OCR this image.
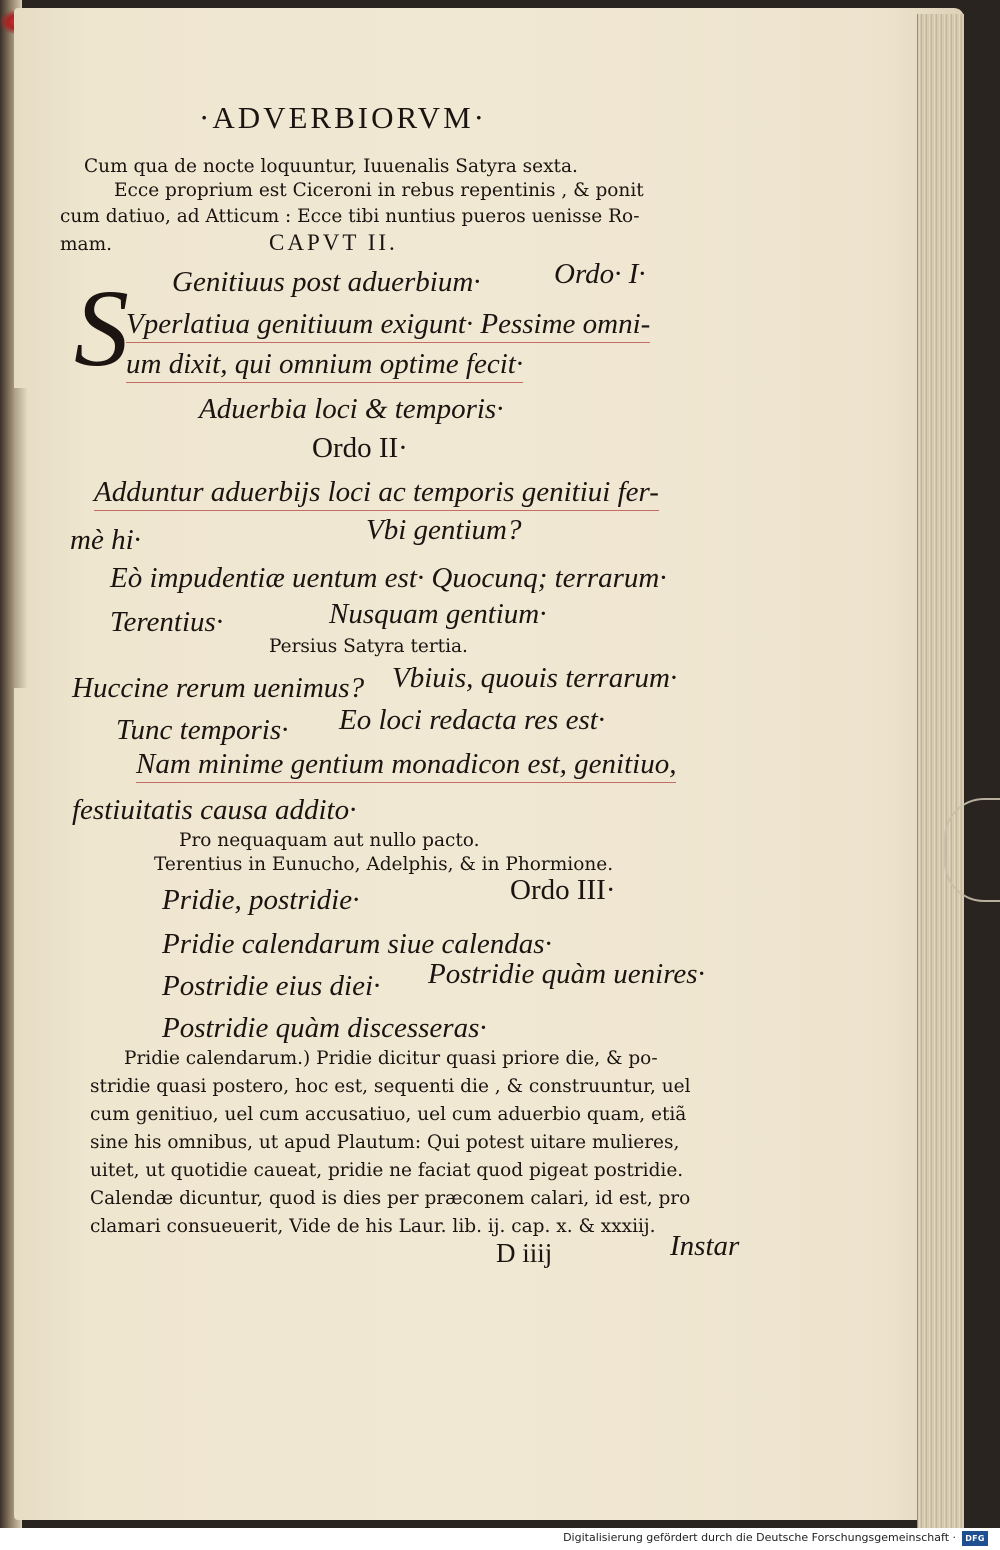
·ADVERBIORVM·
Cum qua de nocte loquuntur, Iuuenalis Satyra sexta.
Ecce proprium est Ciceroni in rebus repentinis , & ponit
cum datiuo, ad Atticum : Ecce tibi nuntius pueros uenisse Ro-
mam.	CAPVT II.
S Genitiuus post aduerbium·	Ordo· I·
Vperlatiua genitiuum exigunt· Pessime omni-
um dixit, qui omnium optime fecit·
Aduerbia loci & temporis·
Ordo II·
Adduntur aduerbijs loci ac temporis genitiui fer-
mè hi·	Vbi gentium?
Eò impudentiæ uentum est· Quocunq; terrarum·
Terentius·	Nusquam gentium·
Persius Satyra tertia.
Huccine rerum uenimus? Vbiuis, quouis terrarum·
Tunc temporis· Eo loci redacta res est·
Nam minime gentium monadicon est, genitiuo,
festiuitatis causa addito·
Pro nequaquam aut nullo pacto.
Terentius in Eunucho, Adelphis, & in Phormione.
Pridie, postridie·	Ordo III·
Pridie calendarum siue calendas·
Postridie eius diei· Postridie quàm uenires·
Postridie quàm discesseras·
Pridie calendarum.) Pridie dicitur quasi priore die, & po-
stridie quasi postero, hoc est, sequenti die , & construuntur, uel
cum genitiuo, uel cum accusatiuo, uel cum aduerbio quam, etiã
sine his omnibus, ut apud Plautum: Qui potest uitare mulieres,
uitet, ut quotidie caueat, pridie ne faciat quod pigeat postridie.
Calendæ dicuntur, quod is dies per præconem calari, id est, pro
clamari consueuerit, Vide de his Laur. lib. ij. cap. x. & xxxiij.
D iiij	Instar
Digitalisierung gefördert durch die Deutsche Forschungsgemeinschaft ·	DFG
